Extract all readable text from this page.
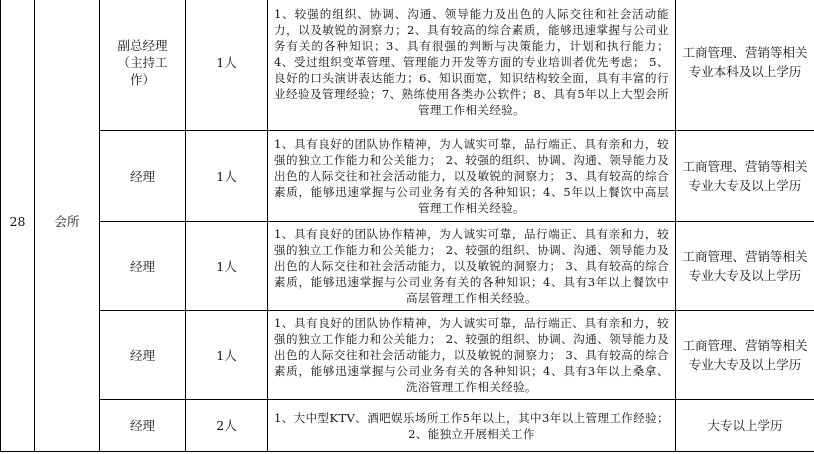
28	会所	副总经理（主持工作）	1人	1、较强的组织、协调、沟通、领导能力及出色的人际交往和社会活动能力，以及敏锐的洞察力；2、具有较高的综合素质，能够迅速掌握与公司业务有关的各种知识；3、具有很强的判断与决策能力，计划和执行能力；4、受过组织变革管理、管理能力开发等方面的专业培训者优先考虑； 5、良好的口头演讲表达能力；6、知识面宽，知识结构较全面，具有丰富的行业经验及管理经验；7、熟练使用各类办公软件；8、具有5年以上大型会所管理工作相关经验。	工商管理、营销等相关专业本科及以上学历
		经理	1人	1、具有良好的团队协作精神，为人诚实可靠，品行端正、具有亲和力，较强的独立工作能力和公关能力； 2、较强的组织、协调、沟通、领导能力及出色的人际交往和社会活动能力，以及敏锐的洞察力； 3、具有较高的综合素质，能够迅速掌握与公司业务有关的各种知识；4、5年以上餐饮中高层管理工作相关经验。	工商管理、营销等相关专业大专及以上学历
		经理	1人	1、具有良好的团队协作精神，为人诚实可靠，品行端正、具有亲和力，较强的独立工作能力和公关能力； 2、较强的组织、协调、沟通、领导能力及出色的人际交往和社会活动能力，以及敏锐的洞察力； 3、具有较高的综合素质，能够迅速掌握与公司业务有关的各种知识；4、具有3年以上餐饮中高层管理工作相关经验。	工商管理、营销等相关专业大专及以上学历
		经理	1人	1、具有良好的团队协作精神，为人诚实可靠，品行端正、具有亲和力，较强的独立工作能力和公关能力； 2、较强的组织、协调、沟通、领导能力及出色的人际交往和社会活动能力，以及敏锐的洞察力； 3、具有较高的综合素质，能够迅速掌握与公司业务有关的各种知识；4、具有3年以上桑拿、洗浴管理工作相关经验。	工商管理、营销等相关专业大专及以上学历
		经理	2人	1、大中型KTV、酒吧娱乐场所工作5年以上，其中3年以上管理工作经验；2、能独立开展相关工作	大专以上学历
